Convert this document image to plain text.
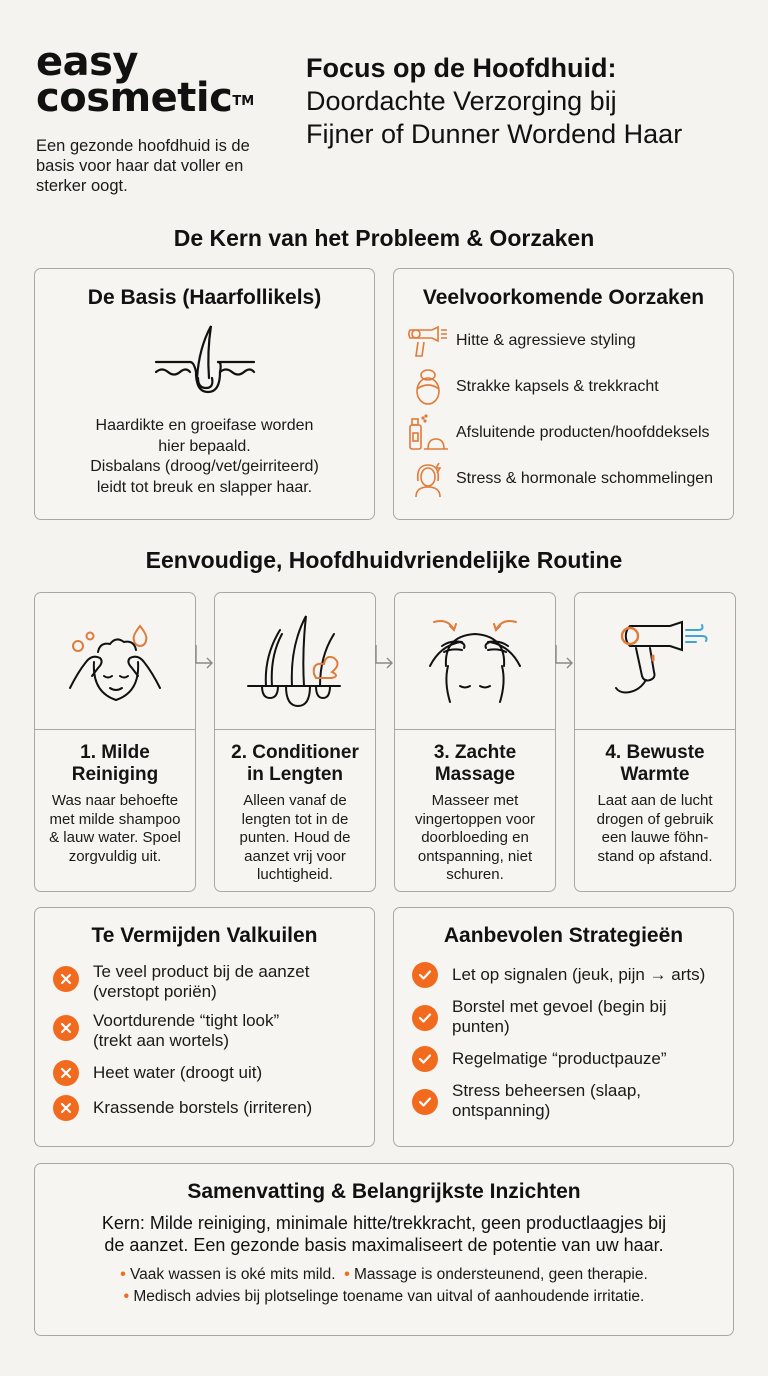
easy
cosmetic™
Een gezonde hoofdhuid is de basis voor haar dat voller en sterker oogt.
Focus op de Hoofdhuid:
Doordachte Verzorging bij
Fijner of Dunner Wordend Haar
De Kern van het Probleem & Oorzaken
De Basis (Haarfollikels)
Haardikte en groeifase worden
hier bepaald.
Disbalans (droog/vet/geirriteerd)
leidt tot breuk en slapper haar.
Veelvoorkomende Oorzaken
Hitte & agressieve styling
Strakke kapsels & trekkracht
Afsluitende producten/hoofddeksels
Stress & hormonale schommelingen
Eenvoudige, Hoofdhuidvriendelijke Routine
1. Milde
Reiniging
Was naar behoefte
met milde shampoo
& lauw water. Spoel
zorgvuldig uit.
2. Conditioner
in Lengten
Alleen vanaf de
lengten tot in de
punten. Houd de
aanzet vrij voor
luchtigheid.
3. Zachte
Massage
Masseer met
vingertoppen voor
doorbloeding en
ontspanning, niet
schuren.
4. Bewuste
Warmte
Laat aan de lucht
drogen of gebruik
een lauwe föhn-
stand op afstand.
Te Vermijden Valkuilen
Te veel product bij de aanzet
(verstopt poriën)
Voortdurende “tight look”
(trekt aan wortels)
Heet water (droogt uit)
Krassende borstels (irriteren)
Aanbevolen Strategieën
Let op signalen (jeuk, pijn → arts)
Borstel met gevoel (begin bij
punten)
Regelmatige “productpauze”
Stress beheersen (slaap,
ontspanning)
Samenvatting & Belangrijkste Inzichten
Kern: Milde reiniging, minimale hitte/trekkracht, geen productlaagjes bij
de aanzet. Een gezonde basis maximaliseert de potentie van uw haar.
• Vaak wassen is oké mits mild. • Massage is ondersteunend, geen therapie.
• Medisch advies bij plotselinge toename van uitval of aanhoudende irritatie.
